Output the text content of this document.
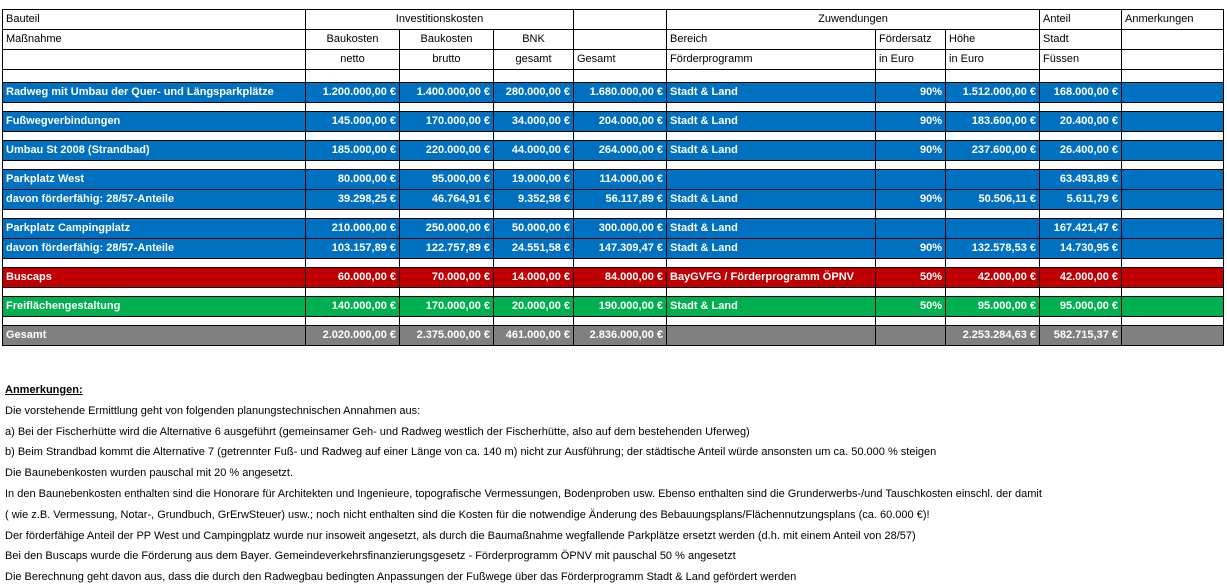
Bauteil	Investitionskosten				Zuwendungen			Anteil	Anmerkungen
Maßnahme	Baukosten	Baukosten	BNK		Bereich	Fördersatz	Höhe	Stadt	
	netto	brutto	gesamt	Gesamt	Förderprogramm	in Euro	in Euro	Füssen	

Radweg mit Umbau der Quer- und Längsparkplätze	1.200.000,00 €	1.400.000,00 €	280.000,00 €	1.680.000,00 €	Stadt & Land	90%	1.512.000,00 €	168.000,00 €	

Fußwegverbindungen	145.000,00 €	170.000,00 €	34.000,00 €	204.000,00 €	Stadt & Land	90%	183.600,00 €	20.400,00 €	

Umbau St 2008 (Strandbad)	185.000,00 €	220.000,00 €	44.000,00 €	264.000,00 €	Stadt & Land	90%	237.600,00 €	26.400,00 €	

Parkplatz West	80.000,00 €	95.000,00 €	19.000,00 €	114.000,00 €				63.493,89 €	
davon förderfähig: 28/57-Anteile	39.298,25 €	46.764,91 €	9.352,98 €	56.117,89 €	Stadt & Land	90%	50.506,11 €	5.611,79 €	

Parkplatz Campingplatz	210.000,00 €	250.000,00 €	50.000,00 €	300.000,00 €	Stadt & Land			167.421,47 €	
davon förderfähig: 28/57-Anteile	103.157,89 €	122.757,89 €	24.551,58 €	147.309,47 €	Stadt & Land	90%	132.578,53 €	14.730,95 €	

Buscaps	60.000,00 €	70.000,00 €	14.000,00 €	84.000,00 €	BayGVFG / Förderprogramm ÖPNV	50%	42.000,00 €	42.000,00 €	

Freiflächengestaltung	140.000,00 €	170.000,00 €	20.000,00 €	190.000,00 €	Stadt & Land	50%	95.000,00 €	95.000,00 €	

Gesamt	2.020.000,00 €	2.375.000,00 €	461.000,00 €	2.836.000,00 €			2.253.284,63 €	582.715,37 €	
Anmerkungen:
Die vorstehende Ermittlung geht von folgenden planungstechnischen Annahmen aus:
a) Bei der Fischerhütte wird die Alternative 6 ausgeführt (gemeinsamer Geh- und Radweg westlich der Fischerhütte, also auf dem bestehenden Uferweg)
b) Beim Strandbad kommt die Alternative 7 (getrennter Fuß- und Radweg auf einer Länge von ca. 140 m) nicht zur Ausführung; der städtische Anteil würde ansonsten um ca. 50.000 % steigen
Die Baunebenkosten wurden pauschal mit 20 % angesetzt.
In den Baunebenkosten enthalten sind die Honorare für Architekten und Ingenieure, topografische Vermessungen, Bodenproben usw. Ebenso enthalten sind die Grunderwerbs-/und Tauschkosten einschl. der damit
( wie z.B. Vermessung, Notar-, Grundbuch, GrErwSteuer) usw.; noch nicht enthalten sind die Kosten für die notwendige Änderung des Bebauungsplans/Flächennutzungsplans (ca. 60.000 €)!
Der förderfähige Anteil der PP West und Campingplatz wurde nur insoweit angesetzt, als durch die Baumaßnahme wegfallende Parkplätze ersetzt werden (d.h. mit einem Anteil von 28/57)
Bei den Buscaps wurde die Förderung aus dem Bayer. Gemeindeverkehrsfinanzierungsgesetz - Förderprogramm ÖPNV mit pauschal 50 % angesetzt
Die Berechnung geht davon aus, dass die durch den Radwegbau bedingten Anpassungen der Fußwege über das Förderprogramm Stadt & Land gefördert werden
